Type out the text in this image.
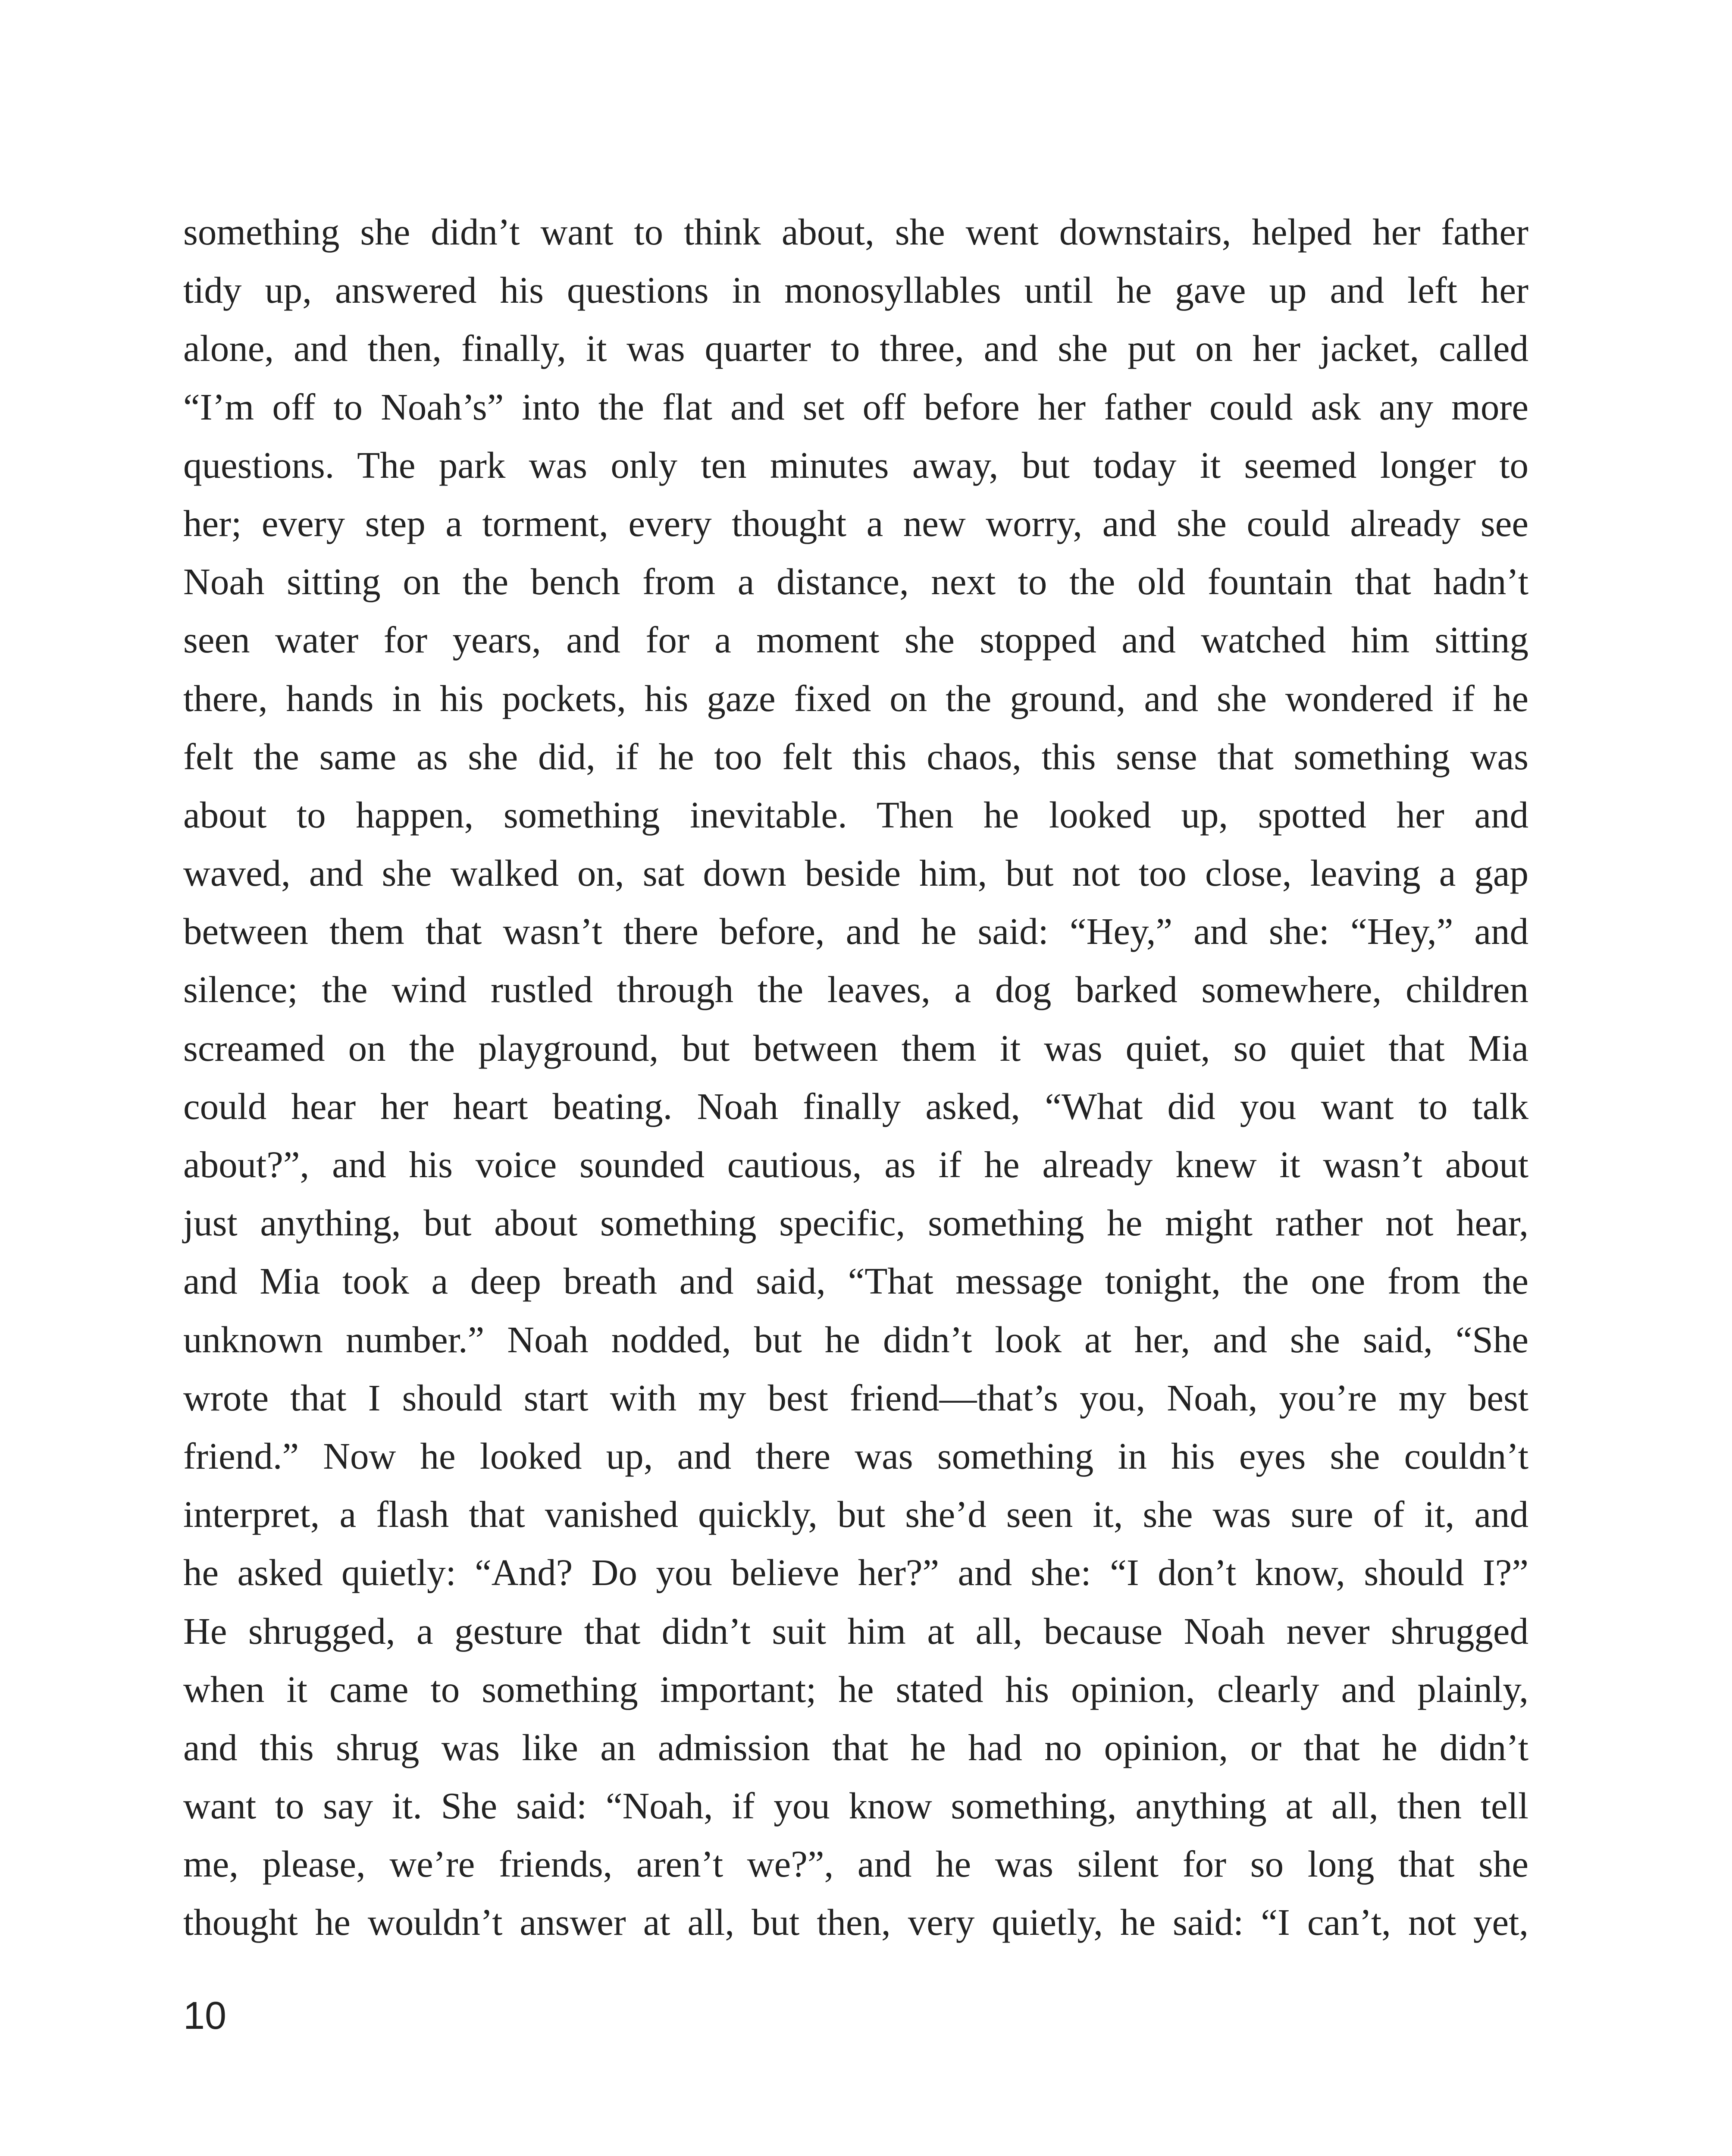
something she didn’t want to think about, she went downstairs, helped her father
tidy up, answered his questions in monosyllables until he gave up and left her
alone, and then, finally, it was quarter to three, and she put on her jacket, called
“I’m off to Noah’s” into the flat and set off before her father could ask any more
questions. The park was only ten minutes away, but today it seemed longer to
her; every step a torment, every thought a new worry, and she could already see
Noah sitting on the bench from a distance, next to the old fountain that hadn’t
seen water for years, and for a moment she stopped and watched him sitting
there, hands in his pockets, his gaze fixed on the ground, and she wondered if he
felt the same as she did, if he too felt this chaos, this sense that something was
about to happen, something inevitable. Then he looked up, spotted her and
waved, and she walked on, sat down beside him, but not too close, leaving a gap
between them that wasn’t there before, and he said: “Hey,” and she: “Hey,” and
silence; the wind rustled through the leaves, a dog barked somewhere, children
screamed on the playground, but between them it was quiet, so quiet that Mia
could hear her heart beating. Noah finally asked, “What did you want to talk
about?”, and his voice sounded cautious, as if he already knew it wasn’t about
just anything, but about something specific, something he might rather not hear,
and Mia took a deep breath and said, “That message tonight, the one from the
unknown number.” Noah nodded, but he didn’t look at her, and she said, “She
wrote that I should start with my best friend—that’s you, Noah, you’re my best
friend.” Now he looked up, and there was something in his eyes she couldn’t
interpret, a flash that vanished quickly, but she’d seen it, she was sure of it, and
he asked quietly: “And? Do you believe her?” and she: “I don’t know, should I?”
He shrugged, a gesture that didn’t suit him at all, because Noah never shrugged
when it came to something important; he stated his opinion, clearly and plainly,
and this shrug was like an admission that he had no opinion, or that he didn’t
want to say it. She said: “Noah, if you know something, anything at all, then tell
me, please, we’re friends, aren’t we?”, and he was silent for so long that she
thought he wouldn’t answer at all, but then, very quietly, he said: “I can’t, not yet,
10
